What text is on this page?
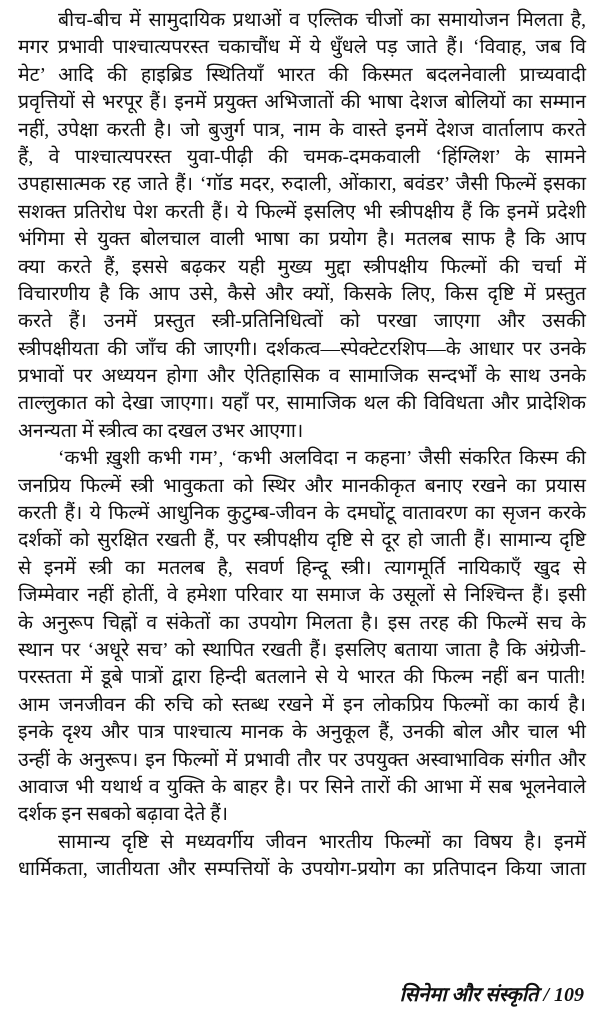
बीच-बीच में सामुदायिक प्रथाओं व एल्तिक चीजों का समायोजन मिलता है,
मगर प्रभावी पाश्चात्यपरस्त चकाचौंध में ये धुँधले पड़ जाते हैं। ‘विवाह, जब वि
मेट’ आदि की हाइब्रिड स्थितियाँ भारत की किस्मत बदलनेवाली प्राच्यवादी
प्रवृत्तियों से भरपूर हैं। इनमें प्रयुक्त अभिजातों की भाषा देशज बोलियों का सम्मान
नहीं, उपेक्षा करती है। जो बुजुर्ग पात्र, नाम के वास्ते इनमें देशज वार्तालाप करते
हैं, वे पाश्चात्यपरस्त युवा-पीढ़ी की चमक-दमकवाली ‘हिंग्लिश’ के सामने
उपहासात्मक रह जाते हैं। ‘गॉड मदर, रुदाली, ओंकारा, बवंडर’ जैसी फिल्में इसका
सशक्त प्रतिरोध पेश करती हैं। ये फिल्में इसलिए भी स्त्रीपक्षीय हैं कि इनमें प्रदेशी
भंगिमा से युक्त बोलचाल वाली भाषा का प्रयोग है। मतलब साफ है कि आप
क्या करते हैं, इससे बढ़कर यही मुख्य मुद्दा स्त्रीपक्षीय फिल्मों की चर्चा में
विचारणीय है कि आप उसे, कैसे और क्यों, किसके लिए, किस दृष्टि में प्रस्तुत
करते हैं। उनमें प्रस्तुत स्त्री-प्रतिनिधित्वों को परखा जाएगा और उसकी
स्त्रीपक्षीयता की जाँच की जाएगी। दर्शकत्व—स्पेक्टेटरशिप—के आधार पर उनके
प्रभावों पर अध्ययन होगा और ऐतिहासिक व सामाजिक सन्दर्भों के साथ उनके
ताल्लुकात को देखा जाएगा। यहाँ पर, सामाजिक थल की विविधता और प्रादेशिक
अनन्यता में स्त्रीत्व का दखल उभर आएगा।
‘कभी ख़ुशी कभी गम’, ‘कभी अलविदा न कहना’ जैसी संकरित किस्म की
जनप्रिय फिल्में स्त्री भावुकता को स्थिर और मानकीकृत बनाए रखने का प्रयास
करती हैं। ये फिल्में आधुनिक कुटुम्ब-जीवन के दमघोंटू वातावरण का सृजन करके
दर्शकों को सुरक्षित रखती हैं, पर स्त्रीपक्षीय दृष्टि से दूर हो जाती हैं। सामान्य दृष्टि
से इनमें स्त्री का मतलब है, सवर्ण हिन्दू स्त्री। त्यागमूर्ति नायिकाएँ खुद से
जिम्मेवार नहीं होतीं, वे हमेशा परिवार या समाज के उसूलों से निश्चिन्त हैं। इसी
के अनुरूप चिह्नों व संकेतों का उपयोग मिलता है। इस तरह की फिल्में सच के
स्थान पर ‘अधूरे सच’ को स्थापित रखती हैं। इसलिए बताया जाता है कि अंग्रेजी-
परस्तता में डूबे पात्रों द्वारा हिन्दी बतलाने से ये भारत की फिल्म नहीं बन पाती!
आम जनजीवन की रुचि को स्तब्ध रखने में इन लोकप्रिय फिल्मों का कार्य है।
इनके दृश्य और पात्र पाश्चात्य मानक के अनुकूल हैं, उनकी बोल और चाल भी
उन्हीं के अनुरूप। इन फिल्मों में प्रभावी तौर पर उपयुक्त अस्वाभाविक संगीत और
आवाज भी यथार्थ व युक्ति के बाहर है। पर सिने तारों की आभा में सब भूलनेवाले
दर्शक इन सबको बढ़ावा देते हैं।
सामान्य दृष्टि से मध्यवर्गीय जीवन भारतीय फिल्मों का विषय है। इनमें
धार्मिकता, जातीयता और सम्पत्तियों के उपयोग-प्रयोग का प्रतिपादन किया जाता
सिनेमा और संस्कृति / 109
